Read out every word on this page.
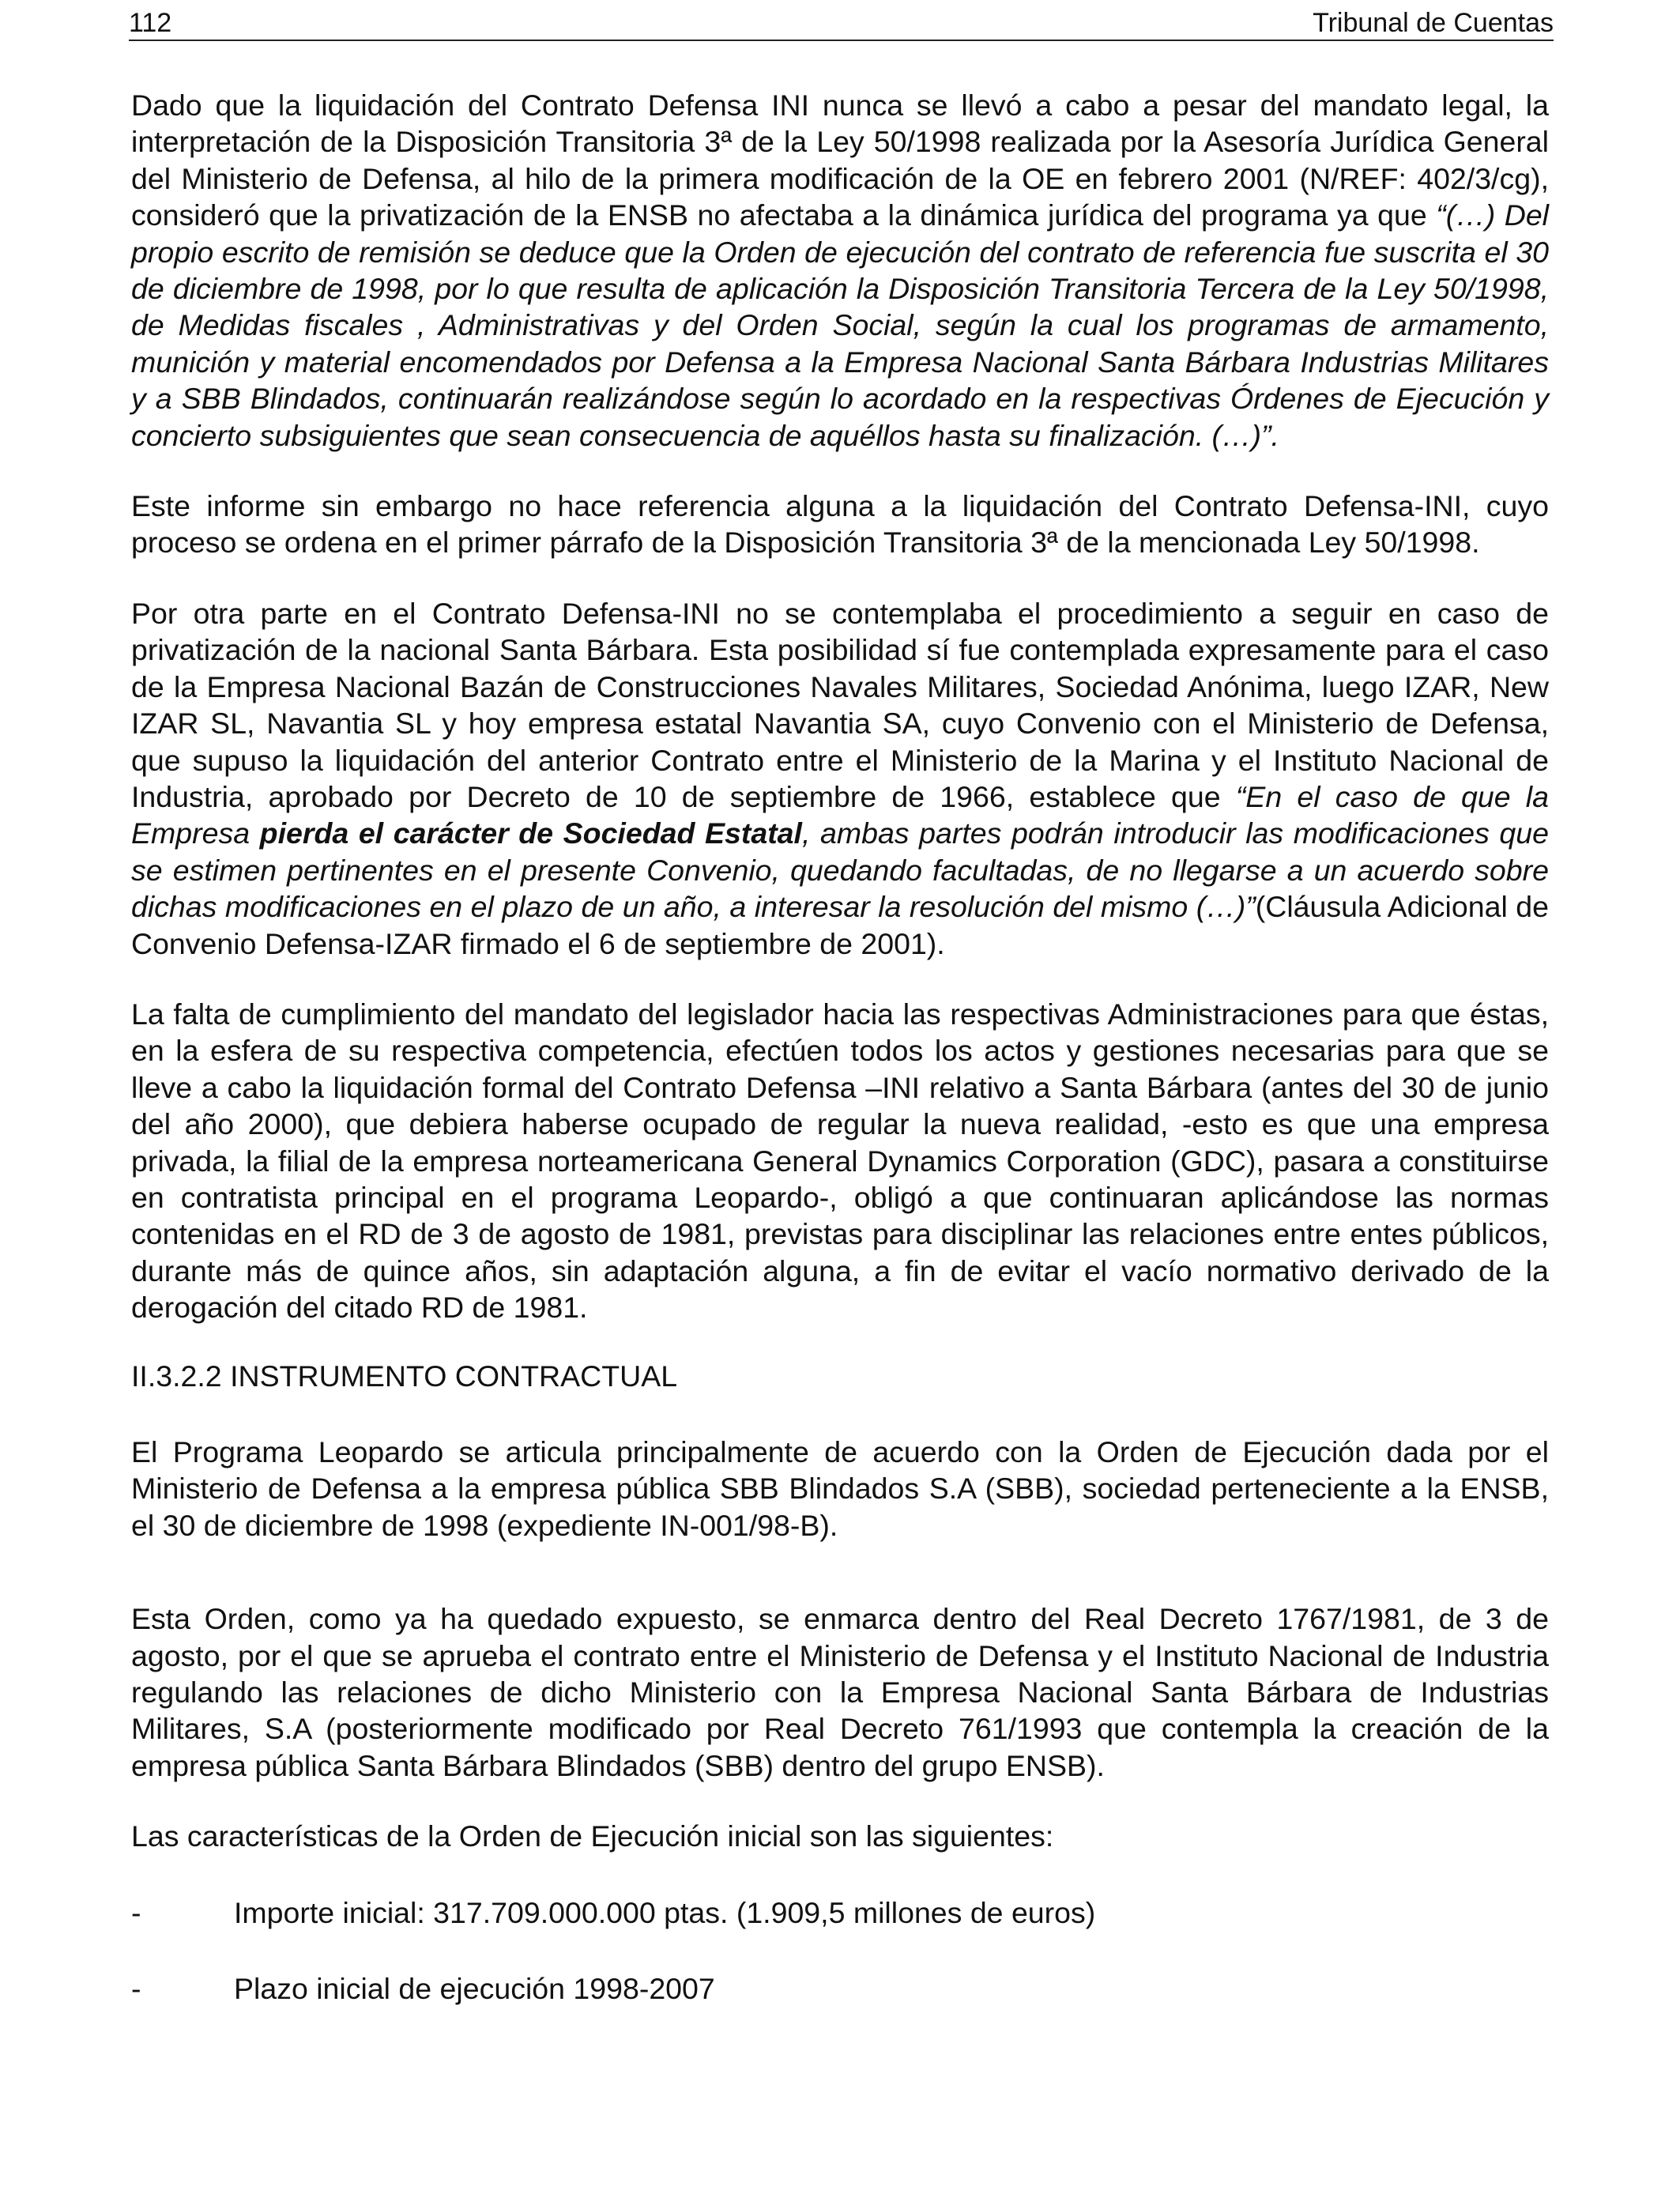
112	Tribunal de Cuentas

Dado que la liquidación del Contrato Defensa INI nunca se llevó a cabo a pesar del mandato legal, la interpretación de la Disposición Transitoria 3ª de la Ley 50/1998 realizada por la Asesoría Jurídica General del Ministerio de Defensa, al hilo de la primera modificación de la OE en febrero 2001 (N/REF: 402/3/cg), consideró que la privatización de la ENSB no afectaba a la dinámica jurídica del programa ya que “(…) Del propio escrito de remisión se deduce que la Orden de ejecución del contrato de referencia fue suscrita el 30 de diciembre de 1998, por lo que resulta de aplicación la Disposición Transitoria Tercera de la Ley 50/1998, de Medidas fiscales , Administrativas y del Orden Social, según la cual los programas de armamento, munición y material encomendados por Defensa a la Empresa Nacional Santa Bárbara Industrias Militares y a SBB Blindados, continuarán realizándose según lo acordado en la respectivas Órdenes de Ejecución y concierto subsiguientes que sean consecuencia de aquéllos hasta su finalización. (…)”.

Este informe sin embargo no hace referencia alguna a la liquidación del Contrato Defensa-INI, cuyo proceso se ordena en el primer párrafo de la Disposición Transitoria 3ª de la mencionada Ley 50/1998.

Por otra parte en el Contrato Defensa-INI no se contemplaba el procedimiento a seguir en caso de privatización de la nacional Santa Bárbara. Esta posibilidad sí fue contemplada expresamente para el caso de la Empresa Nacional Bazán de Construcciones Navales Militares, Sociedad Anónima, luego IZAR, New IZAR SL, Navantia SL y hoy empresa estatal Navantia SA, cuyo Convenio con el Ministerio de Defensa, que supuso la liquidación del anterior Contrato entre el Ministerio de la Marina y el Instituto Nacional de Industria, aprobado por Decreto de 10 de septiembre de 1966, establece que “En el caso de que la Empresa pierda el carácter de Sociedad Estatal, ambas partes podrán introducir las modificaciones que se estimen pertinentes en el presente Convenio, quedando facultadas, de no llegarse a un acuerdo sobre dichas modificaciones en el plazo de un año, a interesar la resolución del mismo (…)”(Cláusula Adicional de Convenio Defensa-IZAR firmado el 6 de septiembre de 2001).

La falta de cumplimiento del mandato del legislador hacia las respectivas Administraciones para que éstas, en la esfera de su respectiva competencia, efectúen todos los actos y gestiones necesarias para que se lleve a cabo la liquidación formal del Contrato Defensa –INI relativo a Santa Bárbara (antes del 30 de junio del año 2000), que debiera haberse ocupado de regular la nueva realidad, -esto es que una empresa privada, la filial de la empresa norteamericana General Dynamics Corporation (GDC), pasara a constituirse en contratista principal en el programa Leopardo-, obligó a que continuaran aplicándose las normas contenidas en el RD de 3 de agosto de 1981, previstas para disciplinar las relaciones entre entes públicos, durante más de quince años, sin adaptación alguna, a fin de evitar el vacío normativo derivado de la derogación del citado RD de 1981.

II.3.2.2 INSTRUMENTO CONTRACTUAL

El Programa Leopardo se articula principalmente de acuerdo con la Orden de Ejecución dada por el Ministerio de Defensa a la empresa pública SBB Blindados S.A (SBB), sociedad perteneciente a la ENSB, el 30 de diciembre de 1998 (expediente IN-001/98-B).

Esta Orden, como ya ha quedado expuesto, se enmarca dentro del Real Decreto 1767/1981, de 3 de agosto, por el que se aprueba el contrato entre el Ministerio de Defensa y el Instituto Nacional de Industria regulando las relaciones de dicho Ministerio con la Empresa Nacional Santa Bárbara de Industrias Militares, S.A (posteriormente modificado por Real Decreto 761/1993 que contempla la creación de la empresa pública Santa Bárbara Blindados (SBB) dentro del grupo ENSB).

Las características de la Orden de Ejecución inicial son las siguientes:

-	Importe inicial: 317.709.000.000 ptas. (1.909,5 millones de euros)

-	Plazo inicial de ejecución 1998-2007
